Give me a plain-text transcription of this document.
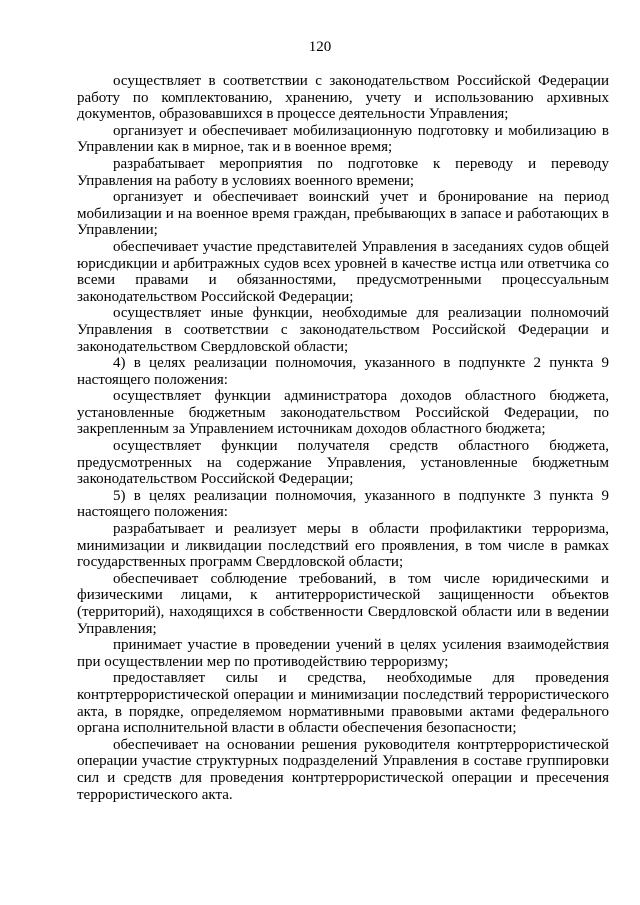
120

осуществляет в соответствии с законодательством Российской Федерации работу по комплектованию, хранению, учету и использованию архивных документов, образовавшихся в процессе деятельности Управления;

организует и обеспечивает мобилизационную подготовку и мобилизацию в Управлении как в мирное, так и в военное время;

разрабатывает мероприятия по подготовке к переводу и переводу Управления на работу в условиях военного времени;

организует и обеспечивает воинский учет и бронирование на период мобилизации и на военное время граждан, пребывающих в запасе и работающих в Управлении;

обеспечивает участие представителей Управления в заседаниях судов общей юрисдикции и арбитражных судов всех уровней в качестве истца или ответчика со всеми правами и обязанностями, предусмотренными процессуальным законодательством Российской Федерации;

осуществляет иные функции, необходимые для реализации полномочий Управления в соответствии с законодательством Российской Федерации и законодательством Свердловской области;

4) в целях реализации полномочия, указанного в подпункте 2 пункта 9 настоящего положения:

осуществляет функции администратора доходов областного бюджета, установленные бюджетным законодательством Российской Федерации, по закрепленным за Управлением источникам доходов областного бюджета;

осуществляет функции получателя средств областного бюджета, предусмотренных на содержание Управления, установленные бюджетным законодательством Российской Федерации;

5) в целях реализации полномочия, указанного в подпункте 3 пункта 9 настоящего положения:

разрабатывает и реализует меры в области профилактики терроризма, минимизации и ликвидации последствий его проявления, в том числе в рамках государственных программ Свердловской области;

обеспечивает соблюдение требований, в том числе юридическими и физическими лицами, к антитеррористической защищенности объектов (территорий), находящихся в собственности Свердловской области или в ведении Управления;

принимает участие в проведении учений в целях усиления взаимодействия при осуществлении мер по противодействию терроризму;

предоставляет силы и средства, необходимые для проведения контртеррористической операции и минимизации последствий террористического акта, в порядке, определяемом нормативными правовыми актами федерального органа исполнительной власти в области обеспечения безопасности;

обеспечивает на основании решения руководителя контртеррористической операции участие структурных подразделений Управления в составе группировки сил и средств для проведения контртеррористической операции и пресечения террористического акта.
